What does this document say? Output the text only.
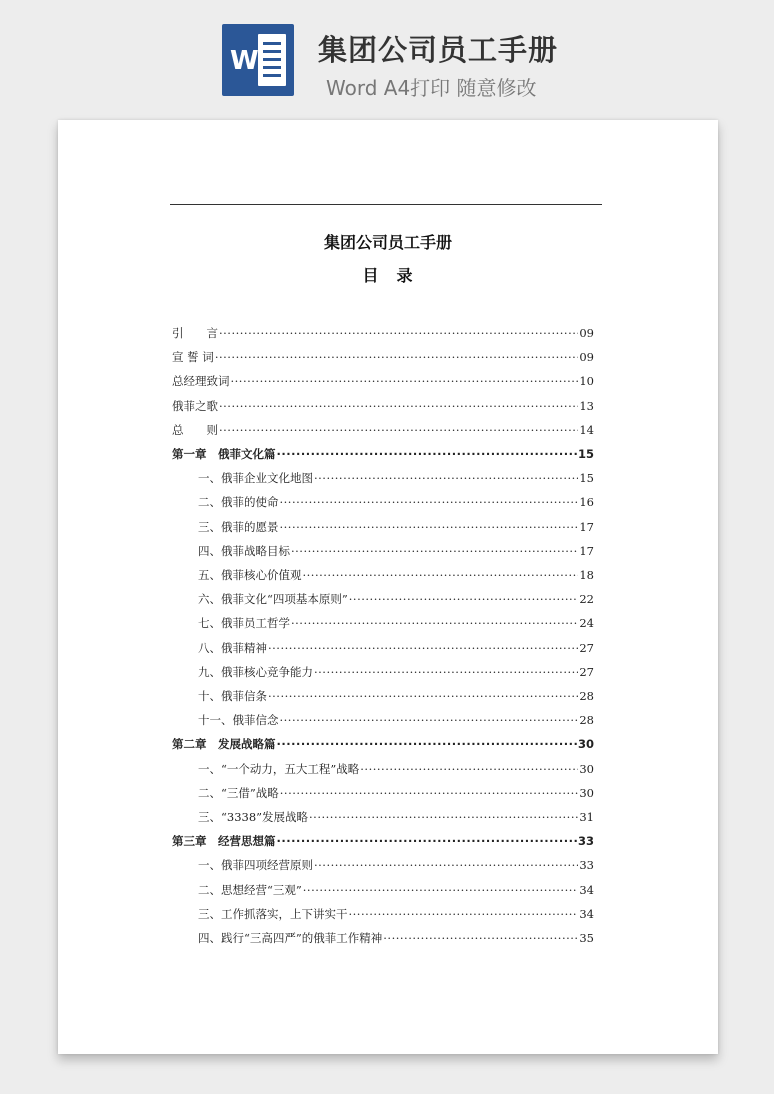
W 集团公司员工手册
Word A4打印 随意修改
集团公司员工手册
目　录
引　　言 ·····	09
宣 誓 词 ·····	09
总经理致词 ·····	10
俄菲之歌 ·····	13
总　　则 ·····	14
第一章　俄菲文化篇 ·····	15
一、俄菲企业文化地图 ·····	15
二、俄菲的使命 ·····	16
三、俄菲的愿景 ·····	17
四、俄菲战略目标 ·····	17
五、俄菲核心价值观 ·····	18
六、俄菲文化“四项基本原则” ·····	22
七、俄菲员工哲学 ·····	24
八、俄菲精神 ·····	27
九、俄菲核心竞争能力 ·····	27
十、俄菲信条 ·····	28
十一、俄菲信念 ·····	28
第二章　发展战略篇 ·····	30
一、“一个动力，五大工程”战略 ·····	30
二、“三借”战略 ·····	30
三、“3338”发展战略 ·····	31
第三章　经营思想篇 ·····	33
一、俄菲四项经营原则 ·····	33
二、思想经营“三观” ·····	34
三、工作抓落实，上下讲实干 ·····	34
四、践行“三高四严”的俄菲工作精神 ·····	35
